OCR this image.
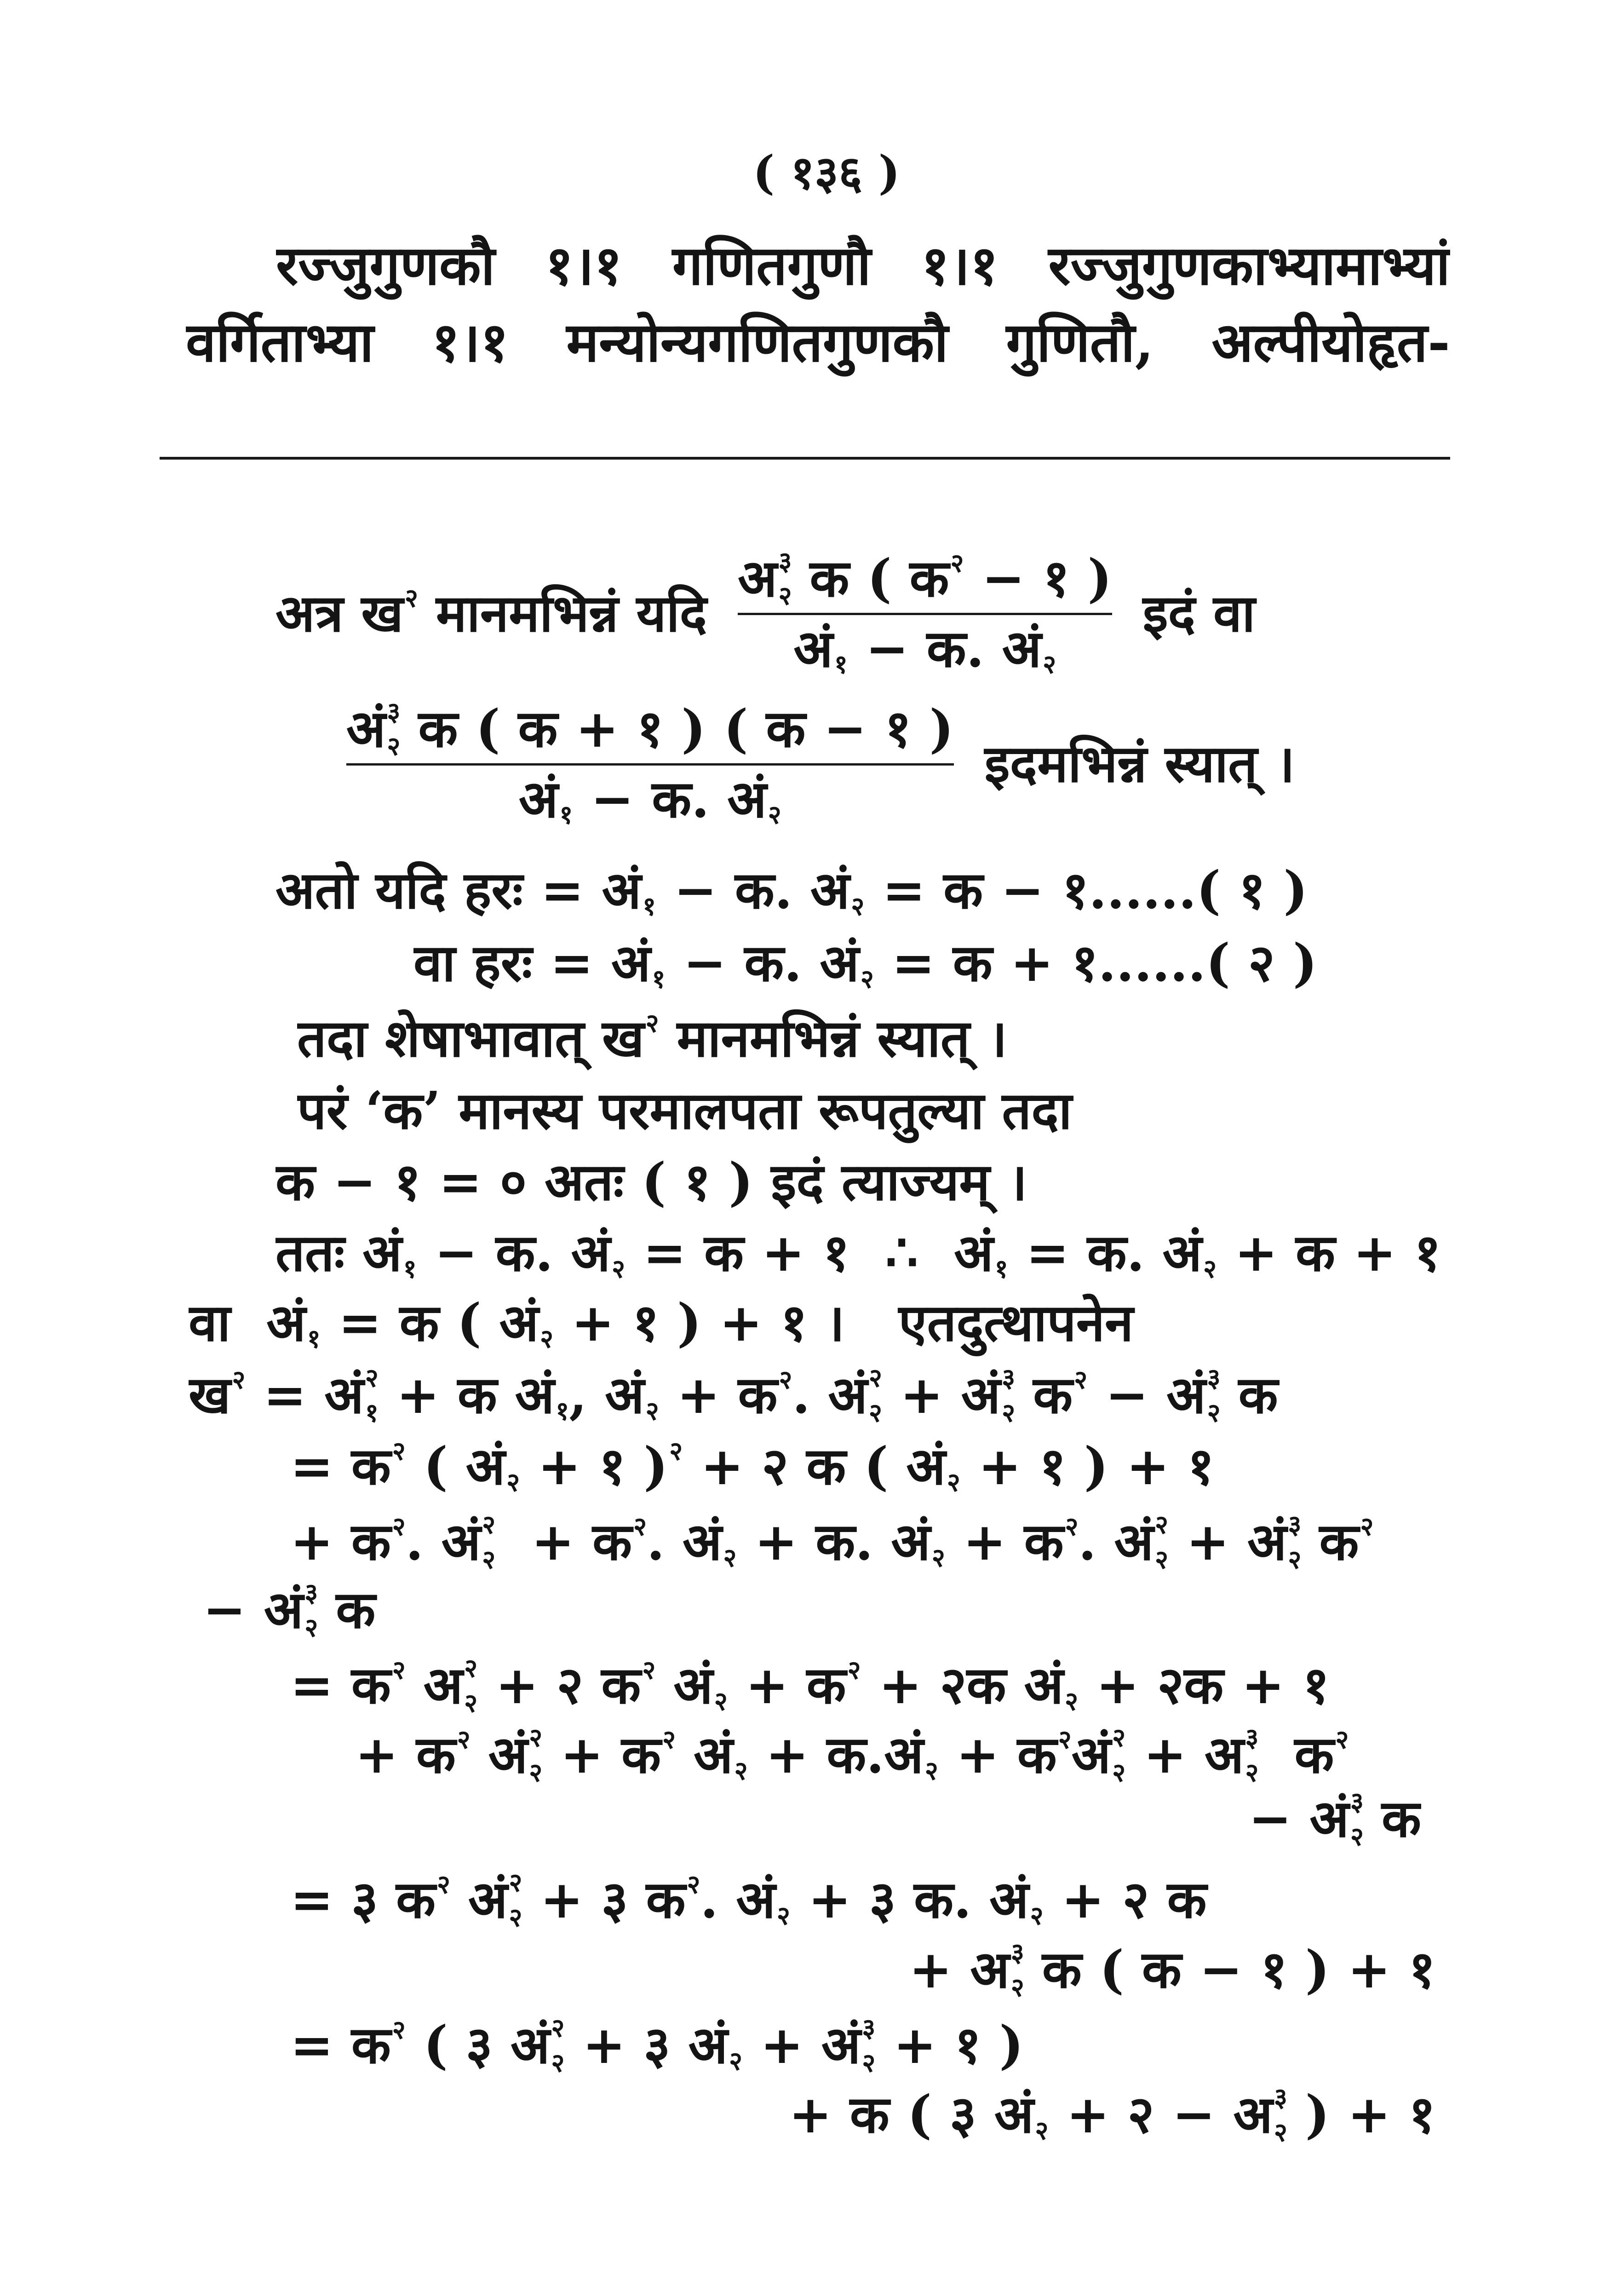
( १३६ )
रज्जुगुणकौ १।१ गणितगुणौ १।१ रज्जुगुणकाभ्यामाभ्यां
वर्गिताभ्या १।१ मन्योन्यगणितगुणकौ गुणितौ, अल्पीयोहृत-
अत्र ख २ मानमभिन्नं यदि
अ ३
२ क ( क २ − १ )
अं १ − क. अं २
इदं वा
अं ३
२ क ( क + १ ) ( क − १ )
अं १ − क. अं २
इदमभिन्नं स्यात् ।
अतो यदि हरः = अं १ − क. अं २ = क − १......( १ )
वा हरः = अं १ − क. अं २ = क + १......( २ )
तदा शेषाभावात् ख २ मानमभिन्नं स्यात् ।
परं ‘क’ मानस्य परमालपता रूपतुल्या तदा
क − १ = ० अतः ( १ ) इदं त्याज्यम् ।
ततः अं १ − क. अं २ = क + १  ∴ अं १ = क. अं २ + क + १
वा अं १ = क ( अं २ + १ ) + १ ।   एतदुत्थापनेन
ख २ = अं २
१ + क अं १ , अं २ + क २ . अं २
२ + अं ३
२
क २ − अं ३
२ क
= क २ ( अं २ + १ ) २ + २ क ( अं २ + १ ) + १
+ क २ . अं २
२ + क २ . अं २ + क. अं २ + क २ . अं २
२ + अं ३
२
क २
− अं ३
२ क
= क २
अ २
२ + २ क २
अं २ + क २ + २क अं २ + २क + १
+ क २
अं २
२ + क २
अं २ + क. अं २ + क २ अं २
२ + अ ३
२
क २
− अं ३
२ क
= ३ क २
अं २
२ + ३ क २ . अं २ + ३ क. अं २ + २ क
+ अ ३
२ क ( क − १ ) + १
= क २ ( ३ अं २
२ + ३ अं २ + अं ३
२ + १ )
+ क ( ३ अं २ + २ − अ ३
२ ) + १
